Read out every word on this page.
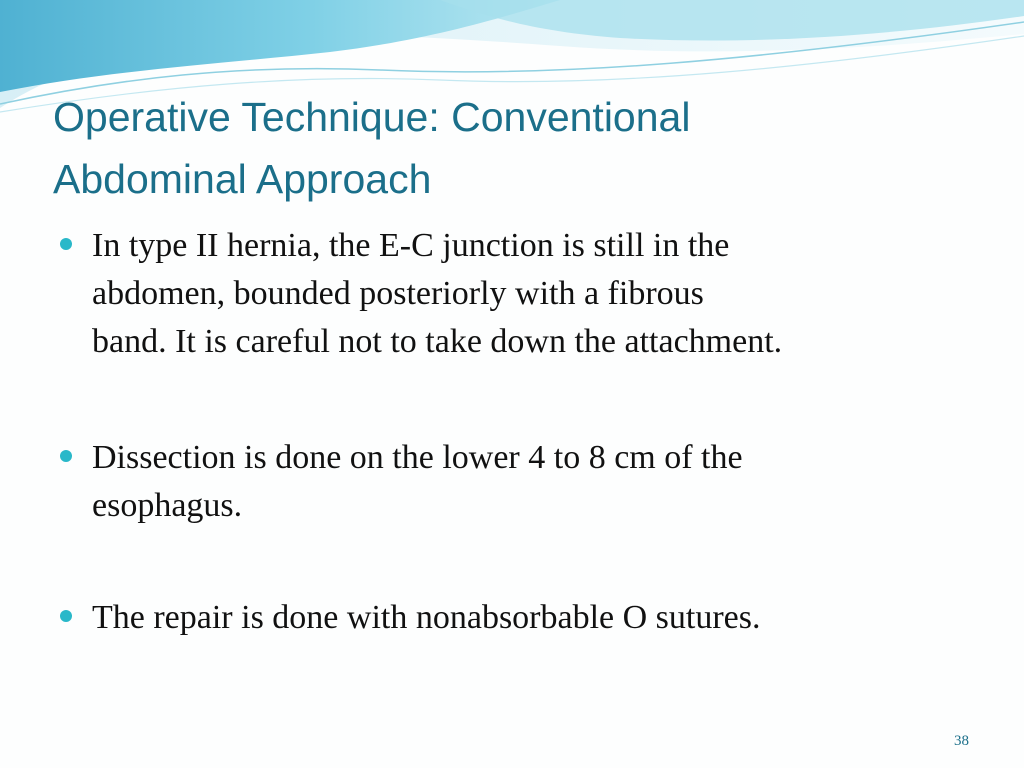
Operative Technique: Conventional
Abdominal Approach
In type II hernia, the E-C junction is still in the
abdomen, bounded posteriorly with a fibrous
band. It is careful not to take down the attachment.
Dissection is done on the lower 4 to 8 cm of the
esophagus.
The repair is done with nonabsorbable O sutures.
38
